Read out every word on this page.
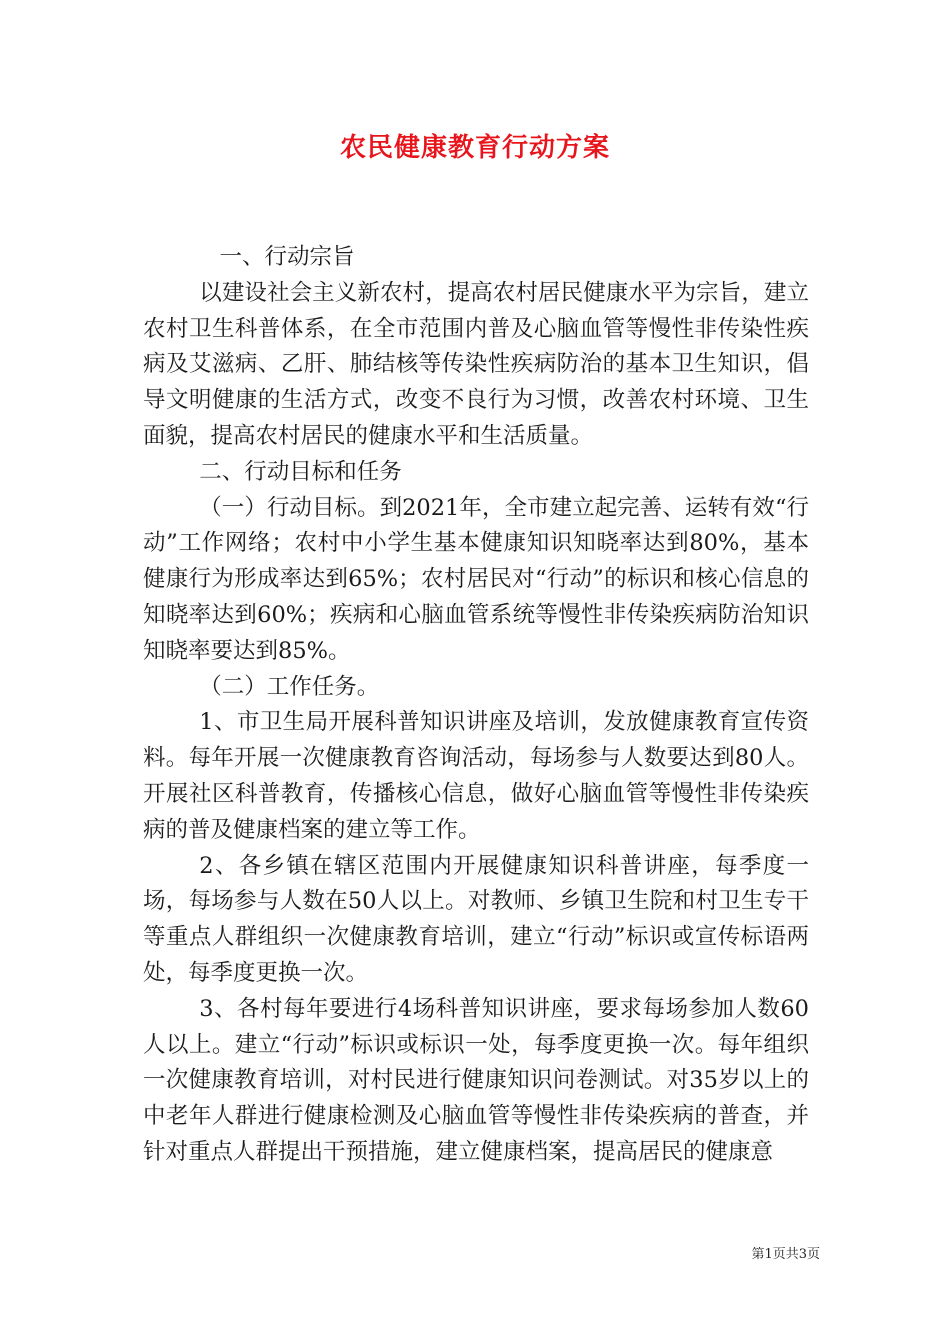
农民健康教育行动方案

一、行动宗旨

以建设社会主义新农村，提高农村居民健康水平为宗旨，建立农村卫生科普体系，在全市范围内普及心脑血管等慢性非传染性疾病及艾滋病、乙肝、肺结核等传染性疾病防治的基本卫生知识，倡导文明健康的生活方式，改变不良行为习惯，改善农村环境、卫生面貌，提高农村居民的健康水平和生活质量。

二、行动目标和任务

（一）行动目标。到2021年，全市建立起完善、运转有效“行动”工作网络；农村中小学生基本健康知识知晓率达到80%，基本健康行为形成率达到65%；农村居民对“行动”的标识和核心信息的知晓率达到60%；疾病和心脑血管系统等慢性非传染疾病防治知识知晓率要达到85%。

（二）工作任务。

1、市卫生局开展科普知识讲座及培训，发放健康教育宣传资料。每年开展一次健康教育咨询活动，每场参与人数要达到80人。开展社区科普教育，传播核心信息，做好心脑血管等慢性非传染疾病的普及健康档案的建立等工作。

2、各乡镇在辖区范围内开展健康知识科普讲座，每季度一场，每场参与人数在50人以上。对教师、乡镇卫生院和村卫生专干等重点人群组织一次健康教育培训，建立“行动”标识或宣传标语两处，每季度更换一次。

3、各村每年要进行4场科普知识讲座，要求每场参加人数60人以上。建立“行动”标识或标识一处，每季度更换一次。每年组织一次健康教育培训，对村民进行健康知识问卷测试。对35岁以上的中老年人群进行健康检测及心脑血管等慢性非传染疾病的普查，并针对重点人群提出干预措施，建立健康档案，提高居民的健康意

第1页共3页
